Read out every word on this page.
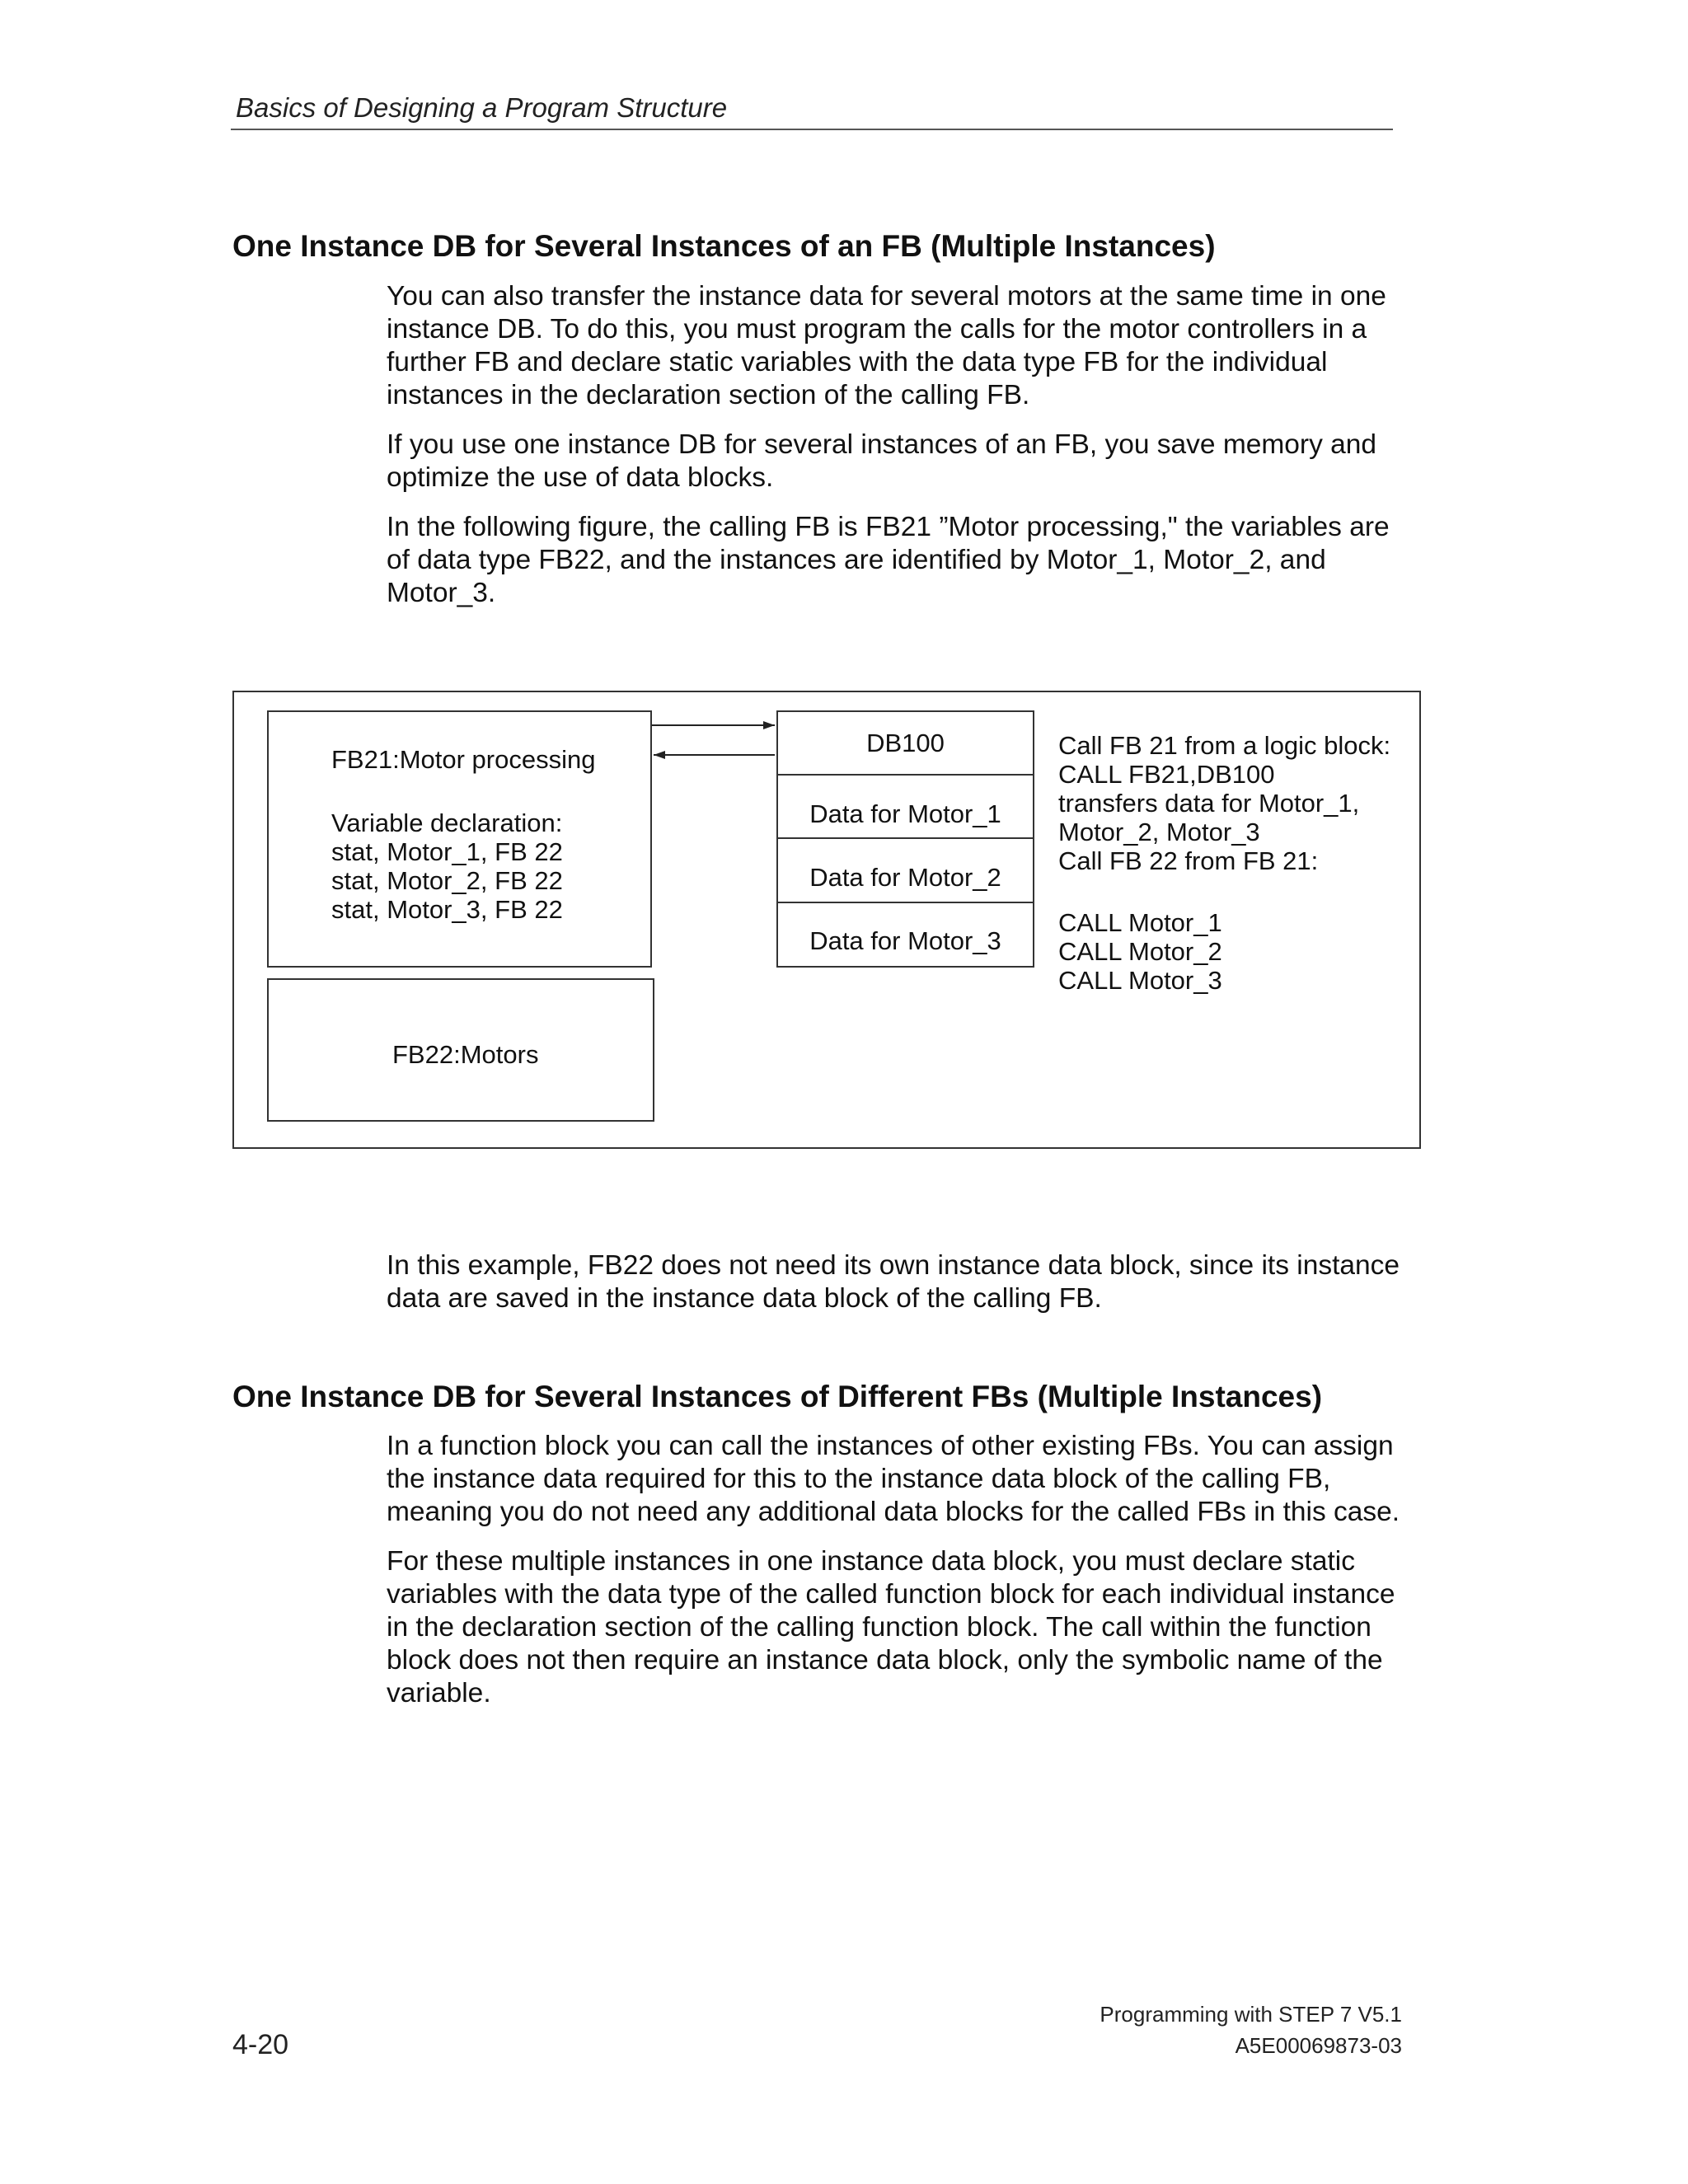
Basics of Designing a Program Structure
One Instance DB for Several Instances of an FB (Multiple Instances)

You can also transfer the instance data for several motors at the same time in one instance DB. To do this, you must program the calls for the motor controllers in a further FB and declare static variables with the data type FB for the individual instances in the declaration section of the calling FB.

If you use one instance DB for several instances of an FB, you save memory and optimize the use of data blocks.

In the following figure, the calling FB is FB21 ”Motor processing," the variables are of data type FB22, and the instances are identified by Motor_1, Motor_2, and Motor_3.

FB21:Motor processing
Variable declaration:
stat, Motor_1, FB 22
stat, Motor_2, FB 22
stat, Motor_3, FB 22
FB22:Motors
DB100
Data for Motor_1
Data for Motor_2
Data for Motor_3
Call FB 21 from a logic block:
CALL FB21,DB100
transfers data for Motor_1,
Motor_2, Motor_3
Call FB 22 from FB 21:
CALL Motor_1
CALL Motor_2
CALL Motor_3

In this example, FB22 does not need its own instance data block, since its instance data are saved in the instance data block of the calling FB.

One Instance DB for Several Instances of Different FBs (Multiple Instances)

In a function block you can call the instances of other existing FBs. You can assign the instance data required for this to the instance data block of the calling FB, meaning you do not need any additional data blocks for the called FBs in this case.

For these multiple instances in one instance data block, you must declare static variables with the data type of the called function block for each individual instance in the declaration section of the calling function block. The call within the function block does not then require an instance data block, only the symbolic name of the variable.

Programming with STEP 7 V5.1
A5E00069873-03
4-20
